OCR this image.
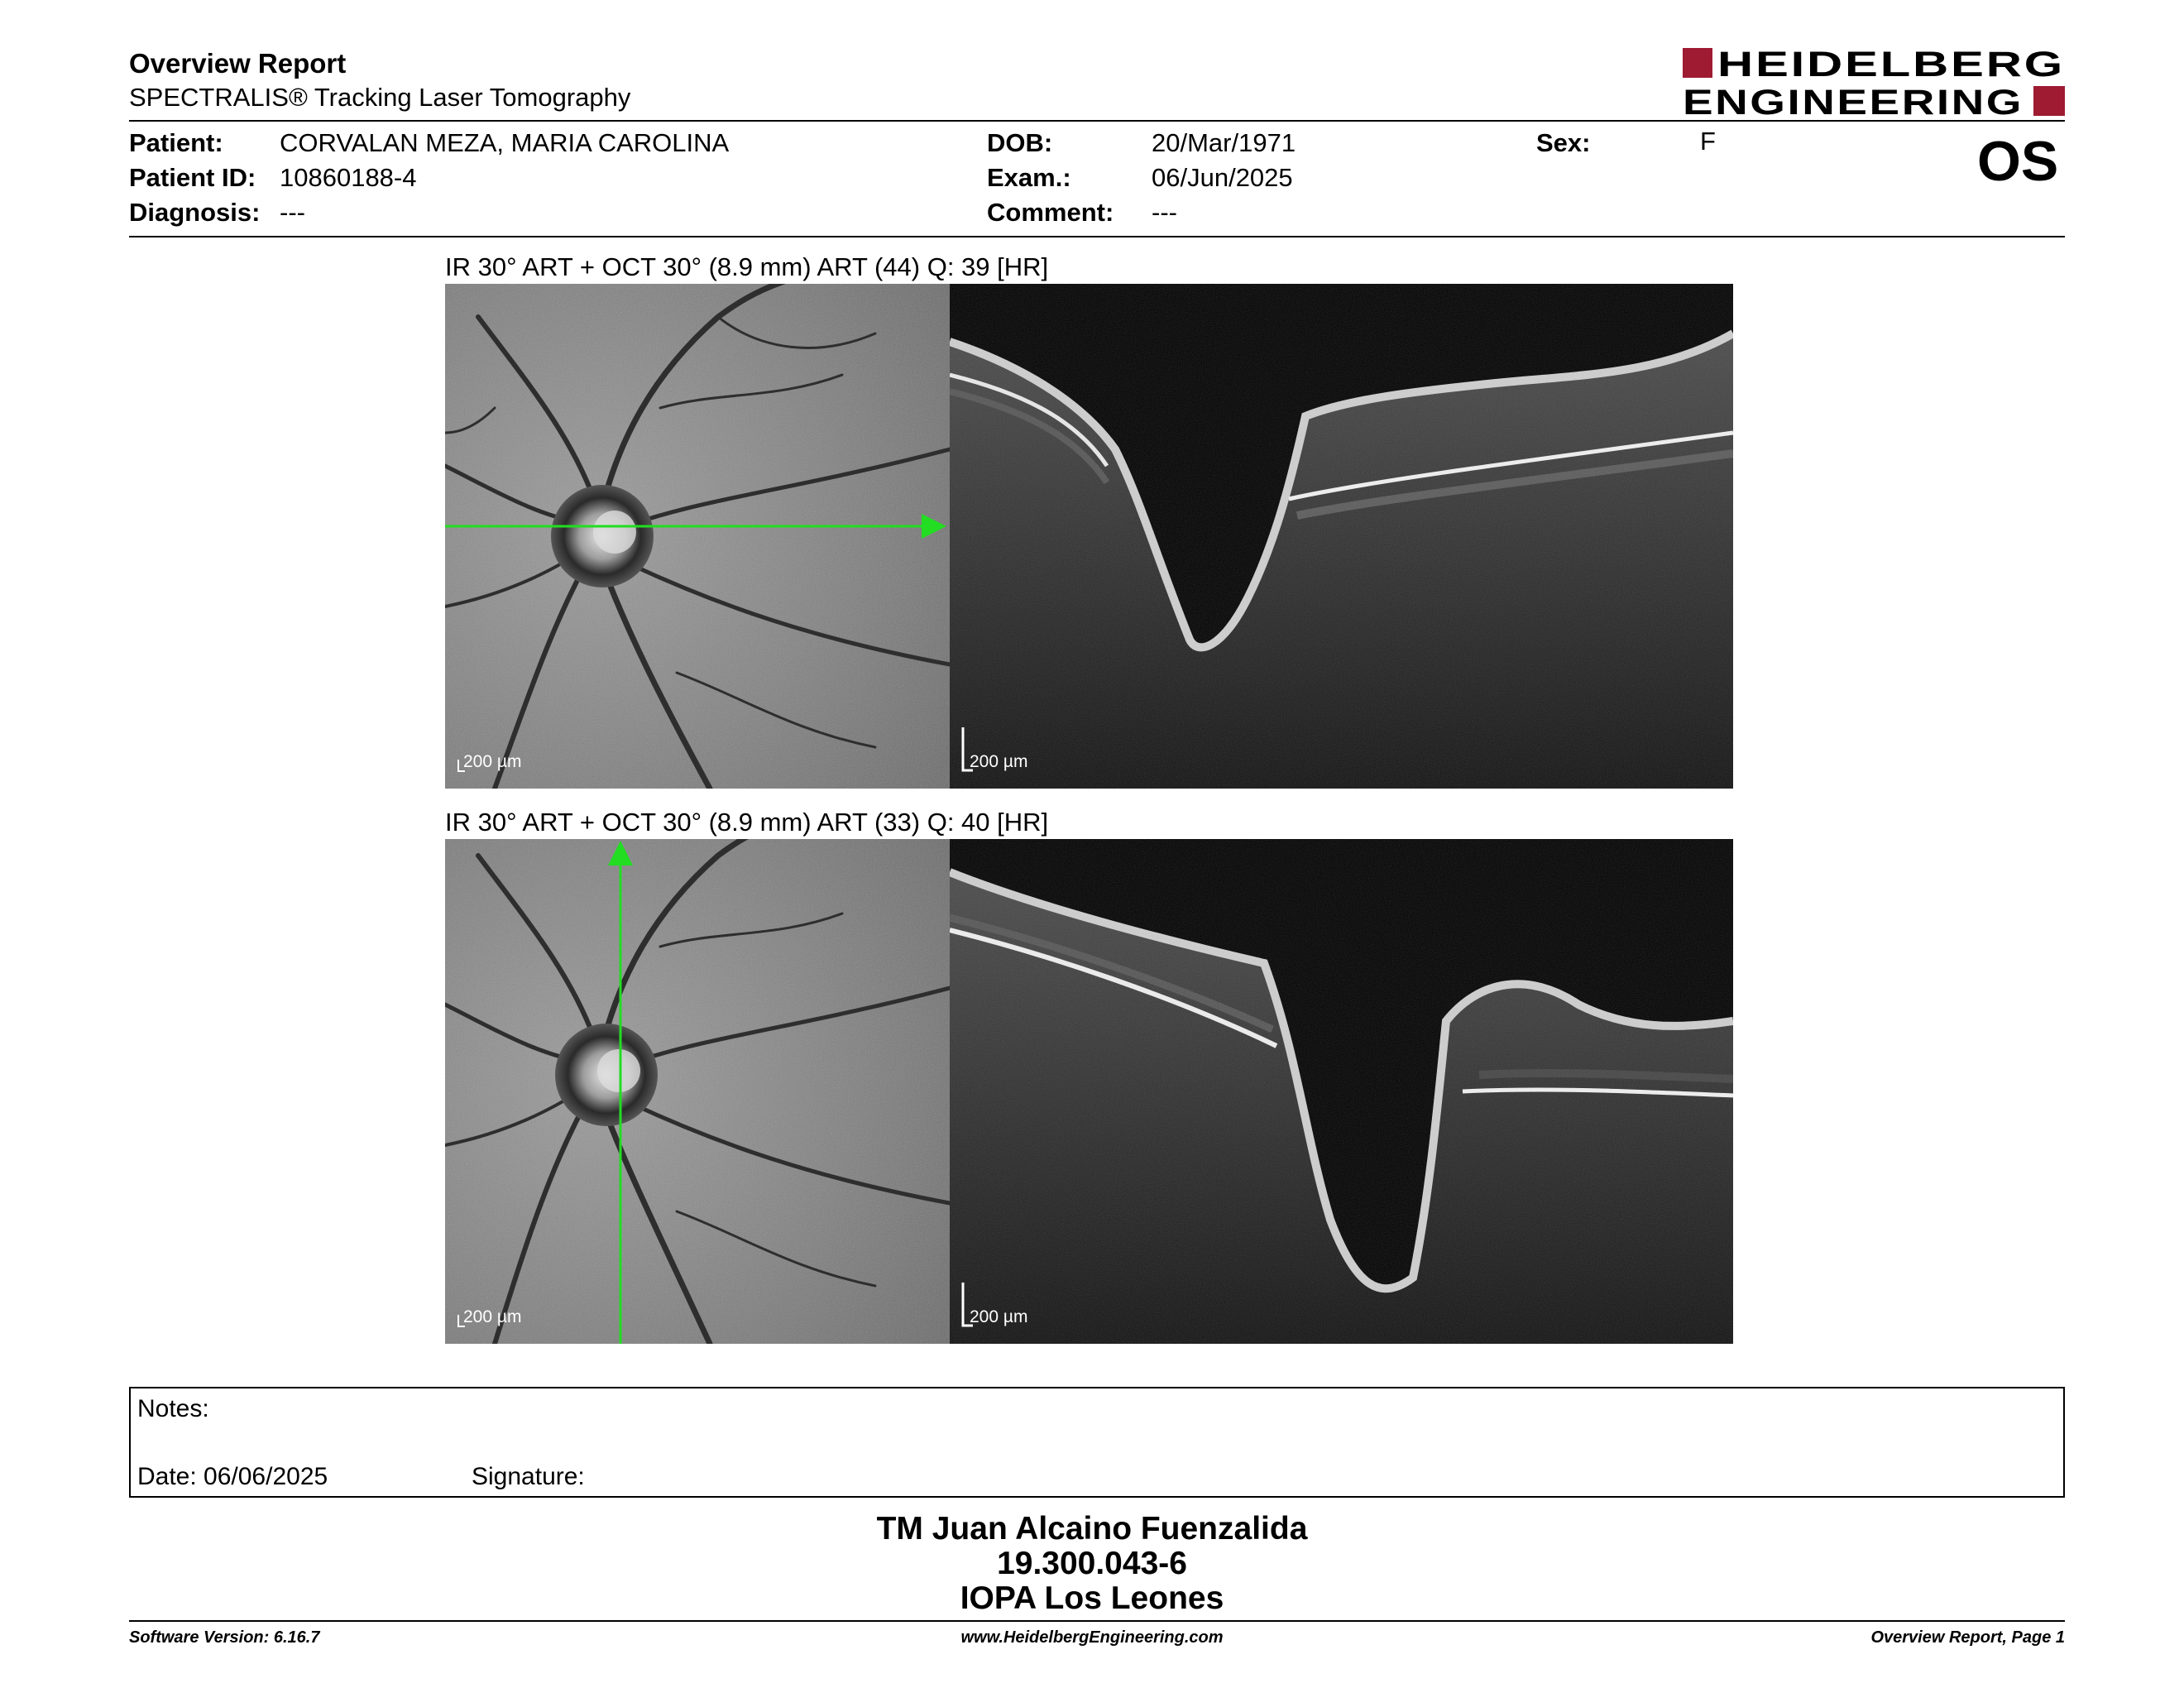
Overview Report
SPECTRALIS® Tracking Laser Tomography
HEIDELBERG
ENGINEERING
Patient: CORVALAN MEZA, MARIA CAROLINA
Patient ID: 10860188-4
Diagnosis: ---
DOB:	20/Mar/1971
Exam.:	06/Jun/2025
Comment: ---
Sex:	F	OS
IR 30° ART + OCT 30° (8.9 mm) ART (44) Q: 39 [HR]
200 µm	200 µm
IR 30° ART + OCT 30° (8.9 mm) ART (33) Q: 40 [HR]
200 µm	200 µm
Notes:
Date: 06/06/2025	Signature:
TM Juan Alcaino Fuenzalida
19.300.043-6
IOPA Los Leones
Software Version: 6.16.7	www.HeidelbergEngineering.com	Overview Report, Page 1
